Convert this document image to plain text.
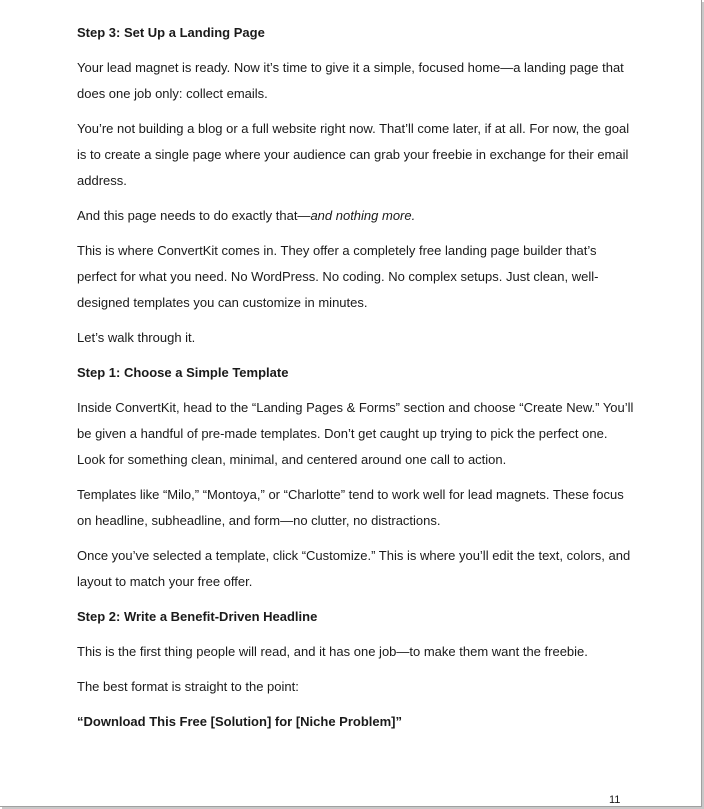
Step 3: Set Up a Landing Page

Your lead magnet is ready. Now it’s time to give it a simple, focused home—a landing page that does one job only: collect emails.

You’re not building a blog or a full website right now. That’ll come later, if at all. For now, the goal is to create a single page where your audience can grab your freebie in exchange for their email address.

And this page needs to do exactly that—and nothing more.

This is where ConvertKit comes in. They offer a completely free landing page builder that’s perfect for what you need. No WordPress. No coding. No complex setups. Just clean, well-designed templates you can customize in minutes.

Let’s walk through it.

Step 1: Choose a Simple Template

Inside ConvertKit, head to the “Landing Pages & Forms” section and choose “Create New.” You’ll be given a handful of pre-made templates. Don’t get caught up trying to pick the perfect one. Look for something clean, minimal, and centered around one call to action.

Templates like “Milo,” “Montoya,” or “Charlotte” tend to work well for lead magnets. These focus on headline, subheadline, and form—no clutter, no distractions.

Once you’ve selected a template, click “Customize.” This is where you’ll edit the text, colors, and layout to match your free offer.

Step 2: Write a Benefit-Driven Headline

This is the first thing people will read, and it has one job—to make them want the freebie.

The best format is straight to the point:

“Download This Free [Solution] for [Niche Problem]”

11
